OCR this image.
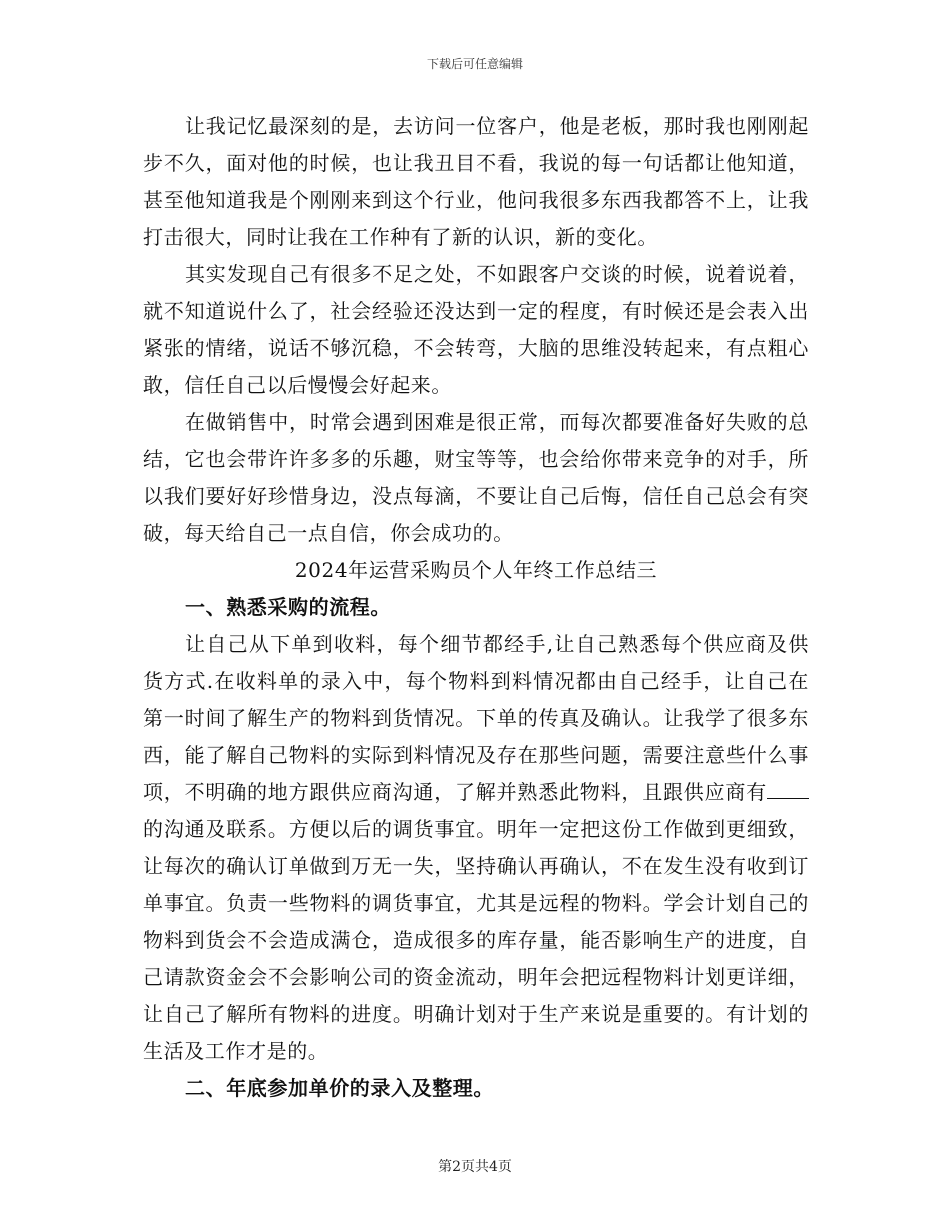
下载后可任意编辑

让我记忆最深刻的是，去访问一位客户，他是老板，那时我也刚刚起步不久，面对他的时候，也让我丑目不看，我说的每一句话都让他知道，甚至他知道我是个刚刚来到这个行业，他问我很多东西我都答不上，让我打击很大，同时让我在工作种有了新的认识，新的变化。

其实发现自己有很多不足之处，不如跟客户交谈的时候，说着说着，就不知道说什么了，社会经验还没达到一定的程度，有时候还是会表入出紧张的情绪，说话不够沉稳，不会转弯，大脑的思维没转起来，有点粗心敢，信任自己以后慢慢会好起来。

在做销售中，时常会遇到困难是很正常，而每次都要准备好失败的总结，它也会带许许多多的乐趣，财宝等等，也会给你带来竞争的对手，所以我们要好好珍惜身边，没点每滴，不要让自己后悔，信任自己总会有突破，每天给自己一点自信，你会成功的。

2024年运营采购员个人年终工作总结三

一、熟悉采购的流程。

让自己从下单到收料，每个细节都经手,让自己熟悉每个供应商及供货方式.在收料单的录入中，每个物料到料情况都由自己经手，让自己在第一时间了解生产的物料到货情况。下单的传真及确认。让我学了很多东西，能了解自己物料的实际到料情况及存在那些问题，需要注意些什么事项，不明确的地方跟供应商沟通，了解并熟悉此物料，且跟供应商有的沟通及联系。方便以后的调货事宜。明年一定把这份工作做到更细致，让每次的确认订单做到万无一失，坚持确认再确认，不在发生没有收到订单事宜。负责一些物料的调货事宜，尤其是远程的物料。学会计划自己的物料到货会不会造成满仓，造成很多的库存量，能否影响生产的进度，自己请款资金会不会影响公司的资金流动，明年会把远程物料计划更详细，让自己了解所有物料的进度。明确计划对于生产来说是重要的。有计划的生活及工作才是的。

二、年底参加单价的录入及整理。

第2页共4页
